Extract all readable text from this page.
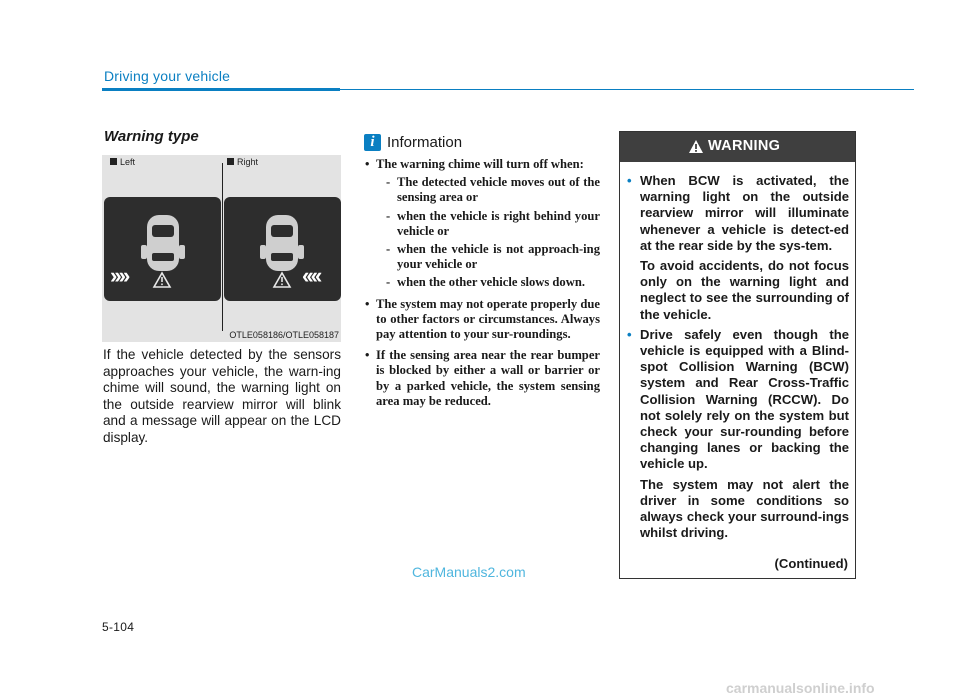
Driving your vehicle
Warning type
Left	Right
››››	‹‹‹‹
OTLE058186/OTLE058187
If the vehicle detected by the sensors approaches your vehicle, the warn-ing chime will sound, the warning light on the outside rearview mirror will blink and a message will appear on the LCD display.
i Information
• The warning chime will turn off when:
- The detected vehicle moves out of the sensing area or
- when the vehicle is right behind your vehicle or
- when the vehicle is not approach-ing your vehicle or
- when the other vehicle slows down.
• The system may not operate properly due to other factors or circumstances. Always pay attention to your sur-roundings.
• If the sensing area near the rear bumper is blocked by either a wall or barrier or by a parked vehicle, the system sensing area may be reduced.
WARNING
• When BCW is activated, the warning light on the outside rearview mirror will illuminate whenever a vehicle is detect-ed at the rear side by the sys-tem.
To avoid accidents, do not focus only on the warning light and neglect to see the surrounding of the vehicle.
• Drive safely even though the vehicle is equipped with a Blind-spot Collision Warning (BCW) system and Rear Cross-Traffic Collision Warning (RCCW). Do not solely rely on the system but check your sur-rounding before changing lanes or backing the vehicle up.
The system may not alert the driver in some conditions so always check your surround-ings whilst driving.
(Continued)
CarManuals2.com
5-104
carmanualsonline.info
